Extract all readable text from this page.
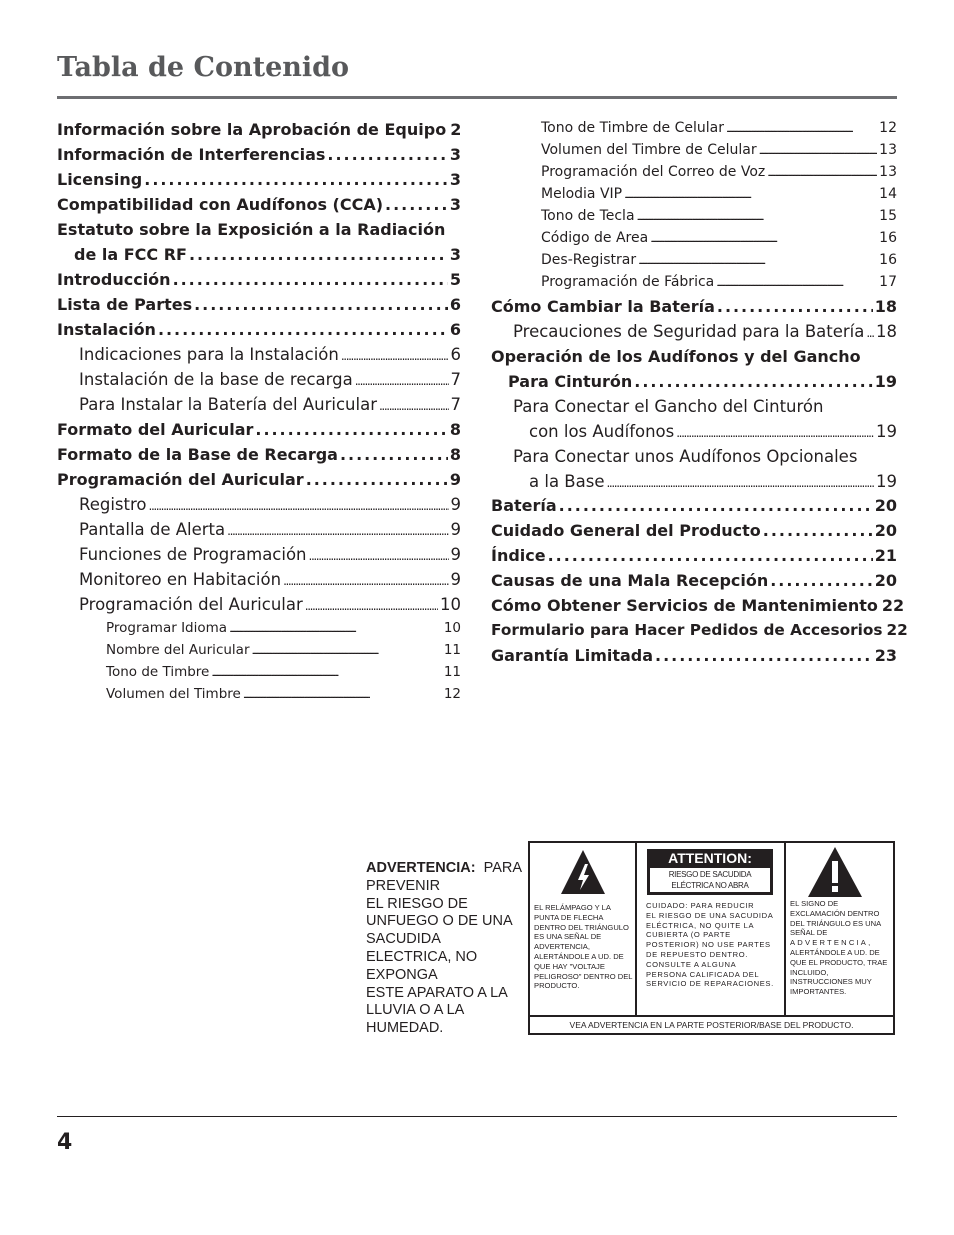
Tabla de Contenido
Información sobre la Aprobación de Equipo 2
Información de Interferencias . . .	3
Licensing . . .	3
Compatibilidad con Audífonos (CCA) . . .	3
Estatuto sobre la Exposición a la Radiación
de la FCC RF . . .	3
Introducción . . .	5
Lista de Partes . . .	6
Instalación . . .	6
Indicaciones para la Instalación . . .	6
Instalación de la base de recarga . . .	7
Para Instalar la Batería del Auricular . . .	7
Formato del Auricular . . .	8
Formato de la Base de Recarga . . .	8
Programación del Auricular . . .	9
Registro . . .	9
Pantalla de Alerta . . .	9
Funciones de Programación . . .	9
Monitoreo en Habitación . . .	9
Programación del Auricular . . .	10
Programar Idioma . . .	10
Nombre del Auricular . . .	11
Tono de Timbre . . .	11
Volumen del Timbre . . .	12
Tono de Timbre de Celular . . .	12
Volumen del Timbre de Celular . . .	13
Programación del Correo de Voz . . .	13
Melodia VIP . . .	14
Tono de Tecla . . .	15
Código de Area . . .	16
Des-Registrar . . .	16
Programación de Fábrica . . .	17
Cómo Cambiar la Batería . . .	18
Precauciones de Seguridad para la Batería . . . 18
Operación de los Audífonos y del Gancho
Para Cinturón . . .	19
Para Conectar el Gancho del Cinturón
con los Audífonos . . .	19
Para Conectar unos Audífonos Opcionales
a la Base . . .	19
Batería . . .	20
Cuidado General del Producto . . .	20
Índice . . .	21
Causas de una Mala Recepción . . .	20
Cómo Obtener Servicios de Mantenimiento 22
Formulario para Hacer Pedidos de Accesorios 22
Garantía Limitada . . .	23
ADVERTENCIA: PARA
PREVENIR
EL RIESGO DE
UNFUEGO O DE UNA
SACUDIDA
ELECTRICA, NO
EXPONGA
ESTE APARATO A LA
LLUVIA O A LA
HUMEDAD.
EL RELÁMPAGO Y LA
PUNTA DE FLECHA
DENTRO DEL TRIÁNGULO
ES UNA SEÑAL DE
ADVERTENCIA,
ALERTÁNDOLE A UD. DE
QUE HAY "VOLTAJE
PELIGROSO" DENTRO DEL
PRODUCTO.
ATTENTION:
RIESGO DE SACUDIDA
ELÉCTRICA NO ABRA
CUIDADO: PARA REDUCIR
EL RIESGO DE UNA SACUDIDA
ELÉCTRICA, NO QUITE LA
CUBIERTA (O PARTE
POSTERIOR) NO USE PARTES
DE REPUESTO DENTRO.
CONSULTE A ALGUNA
PERSONA CALIFICADA DEL
SERVICIO DE REPARACIONES.
EL SIGNO DE
EXCLAMACIÓN DENTRO
DEL TRIÁNGULO ES UNA
SEÑAL DE
ADVERTENCIA,
ALERTÁNDOLE A UD. DE
QUE EL PRODUCTO, TRAE
INCLUIDO,
INSTRUCCIONES MUY
IMPORTANTES.
VEA ADVERTENCIA EN LA PARTE POSTERIOR/BASE DEL PRODUCTO.
4
